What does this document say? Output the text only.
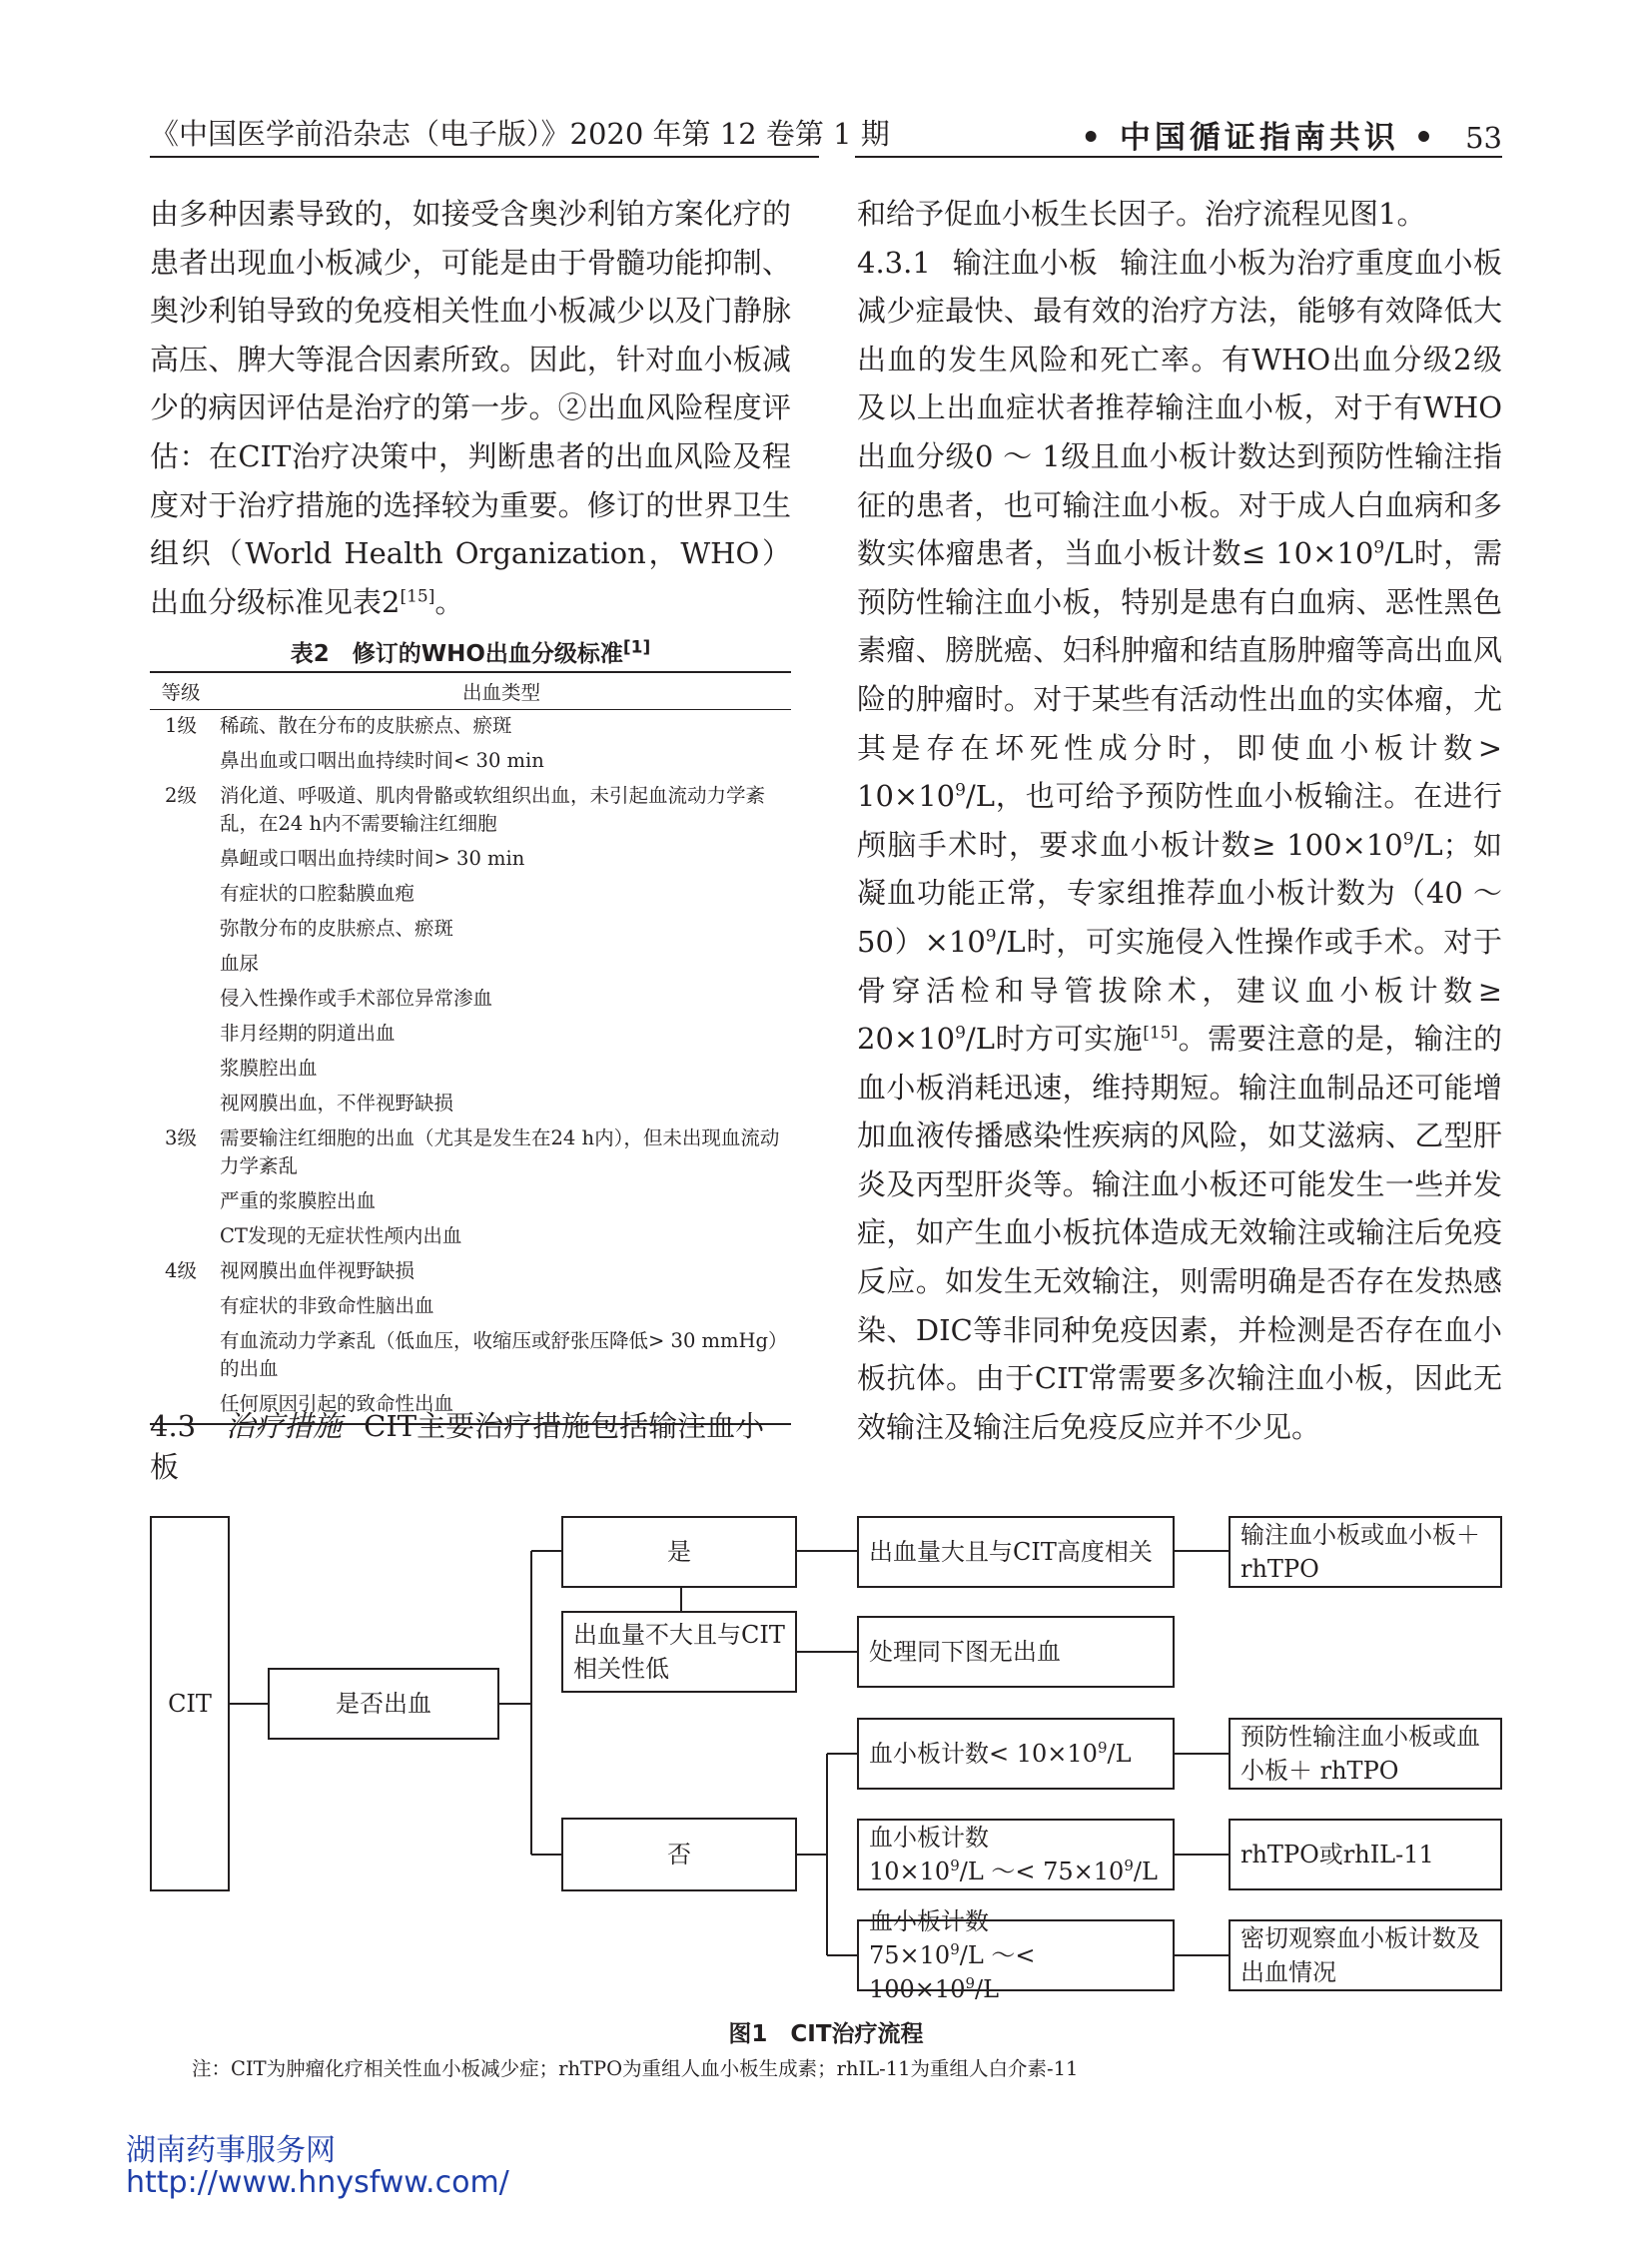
《中国医学前沿杂志（电子版）》2020 年第 12 卷第 1 期	• 中国循证指南共识 • 53

由多种因素导致的，如接受含奥沙利铂方案化疗的患者出现血小板减少，可能是由于骨髓功能抑制、奥沙利铂导致的免疫相关性血小板减少以及门静脉高压、脾大等混合因素所致。因此，针对血小板减少的病因评估是治疗的第一步。②出血风险程度评估：在CIT治疗决策中，判断患者的出血风险及程度对于治疗措施的选择较为重要。修订的世界卫生组织（World Health Organization，WHO）出血分级标准见表2[15]。

表2　修订的WHO出血分级标准[1]
等级	出血类型
1级	稀疏、散在分布的皮肤瘀点、瘀斑
	鼻出血或口咽出血持续时间< 30 min
2级	消化道、呼吸道、肌肉骨骼或软组织出血，未引起血流动力学紊乱，在24 h内不需要输注红细胞
	鼻衄或口咽出血持续时间> 30 min
	有症状的口腔黏膜血疱
	弥散分布的皮肤瘀点、瘀斑
	血尿
	侵入性操作或手术部位异常渗血
	非月经期的阴道出血
	浆膜腔出血
	视网膜出血，不伴视野缺损
3级	需要输注红细胞的出血（尤其是发生在24 h内），但未出现血流动力学紊乱
	严重的浆膜腔出血
	CT发现的无症状性颅内出血
4级	视网膜出血伴视野缺损
	有症状的非致命性脑出血
	有血流动力学紊乱（低血压，收缩压或舒张压降低> 30 mmHg）的出血
	任何原因引起的致命性出血
4.3 治疗措施 CIT主要治疗措施包括输注血小板

和给予促血小板生长因子。治疗流程见图1。

4.3.1 输注血小板 输注血小板为治疗重度血小板减少症最快、最有效的治疗方法，能够有效降低大出血的发生风险和死亡率。有WHO出血分级2级及以上出血症状者推荐输注血小板，对于有WHO出血分级0 ～ 1级且血小板计数达到预防性输注指征的患者，也可输注血小板。对于成人白血病和多数实体瘤患者，当血小板计数≤ 10×10$^9$/L时，需预防性输注血小板，特别是患有白血病、恶性黑色素瘤、膀胱癌、妇科肿瘤和结直肠肿瘤等高出血风险的肿瘤时。对于某些有活动性出血的实体瘤，尤其是存在坏死性成分时，即使血小板计数> 10×10$^9$/L，也可给予预防性血小板输注。在进行颅脑手术时，要求血小板计数≥ 100×10$^9$/L；如凝血功能正常，专家组推荐血小板计数为（40 ～ 50）×10$^9$/L时，可实施侵入性操作或手术。对于骨穿活检和导管拔除术，建议血小板计数≥ 20×10$^9$/L时方可实施[15]。需要注意的是，输注的血小板消耗迅速，维持期短。输注血制品还可能增加血液传播感染性疾病的风险，如艾滋病、乙型肝炎及丙型肝炎等。输注血小板还可能发生一些并发症，如产生血小板抗体造成无效输注或输注后免疫反应。如发生无效输注，则需明确是否存在发热感染、DIC等非同种免疫因素，并检测是否存在血小板抗体。由于CIT常需要多次输注血小板，因此无效输注及输注后免疫反应并不少见。

CIT	是否出血
是
出血量不大且与CIT相关性低
否
出血量大且与CIT高度相关
处理同下图无出血
血小板计数< $10\times 10^9/L$
血小板计数
$10\times 10^9/L$ ～< $75\times 10^9/L$
血小板计数
$75\times 10^9/L$ ～< $100\times 10^9/L$
输注血小板或血小板＋rhTPO
预防性输注血小板或血小板＋ rhTPO
rhTPO或rhIL-11
密切观察血小板计数及出血情况
图1　CIT治疗流程
注：CIT为肿瘤化疗相关性血小板减少症；rhTPO为重组人血小板生成素；rhIL-11为重组人白介素-11
湖南药事服务网
http://www.hnysfww.com/
